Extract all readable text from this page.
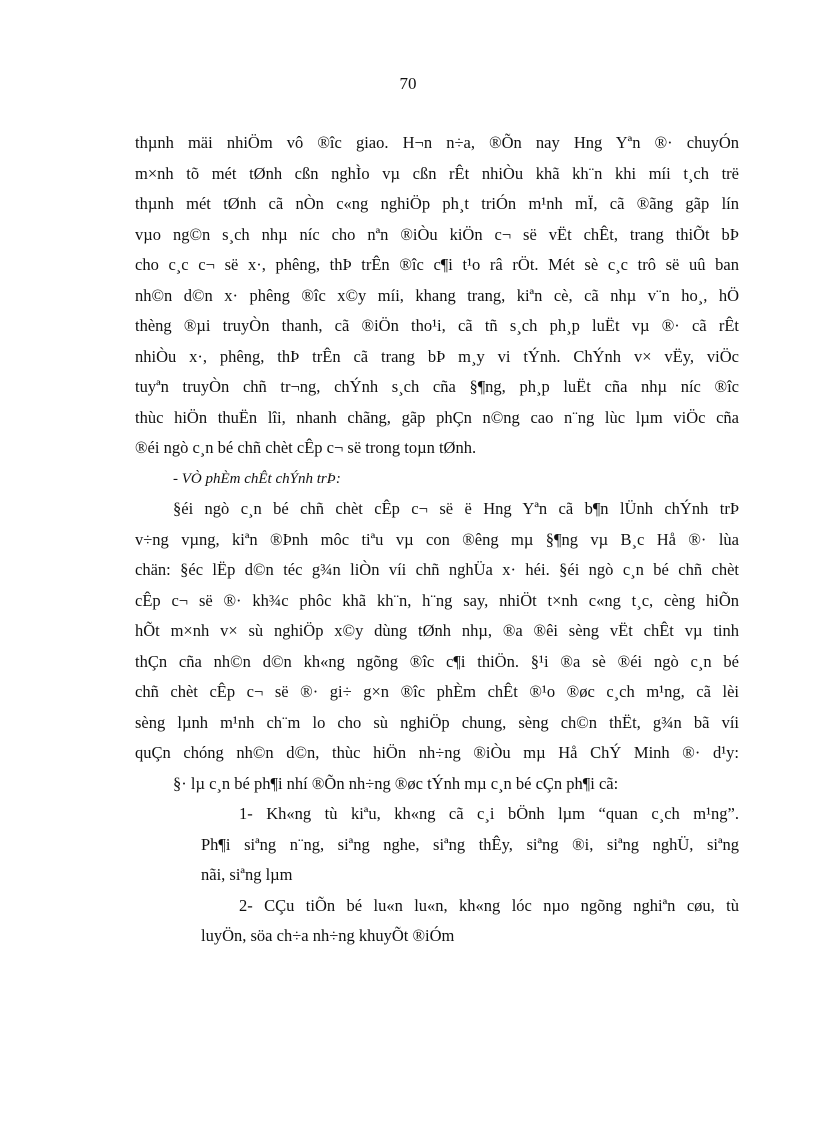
70
thµnh mäi nhiÖm vô ®îc giao. H¬n n÷a, ®Õn nay Hng Yªn ®· chuyÓn
m×nh tõ mét tØnh cßn nghÌo vµ cßn rÊt nhiÒu khã kh¨n khi míi t¸ch trë
thµnh mét tØnh cã nÒn c«ng nghiÖp ph¸t triÓn m¹nh mÏ, cã ®ãng gãp lín
vµo ng©n s¸ch nhµ níc cho nªn ®iÒu kiÖn c¬ së vËt chÊt, trang thiÕt bÞ
cho c¸c c¬ së x·, phêng, thÞ trÊn ®îc c¶i t¹o râ rÖt. Mét sè c¸c trô së uû ban
nh©n d©n x· phêng ®îc x©y míi, khang trang, kiªn cè, cã nhµ v¨n ho¸, hÖ
thèng ®µi truyÒn thanh, cã ®iÖn tho¹i, cã tñ s¸ch ph¸p luËt vµ ®· cã rÊt
nhiÒu x·, phêng, thÞ trÊn cã trang bÞ m¸y vi tÝnh. ChÝnh v× vËy, viÖc
tuyªn truyÒn chñ tr¬ng, chÝnh s¸ch cña §¶ng, ph¸p luËt cña nhµ níc ®îc
thùc hiÖn thuËn lîi, nhanh chãng, gãp phÇn n©ng cao n¨ng lùc lµm viÖc cña
®éi ngò c¸n bé chñ chèt cÊp c¬ së trong toµn tØnh.
- VÒ phÈm chÊt chÝnh trÞ:
§éi ngò c¸n bé chñ chèt cÊp c¬ së ë Hng Yªn cã b¶n lÜnh chÝnh trÞ
v÷ng vµng, kiªn ®Þnh môc tiªu vµ con ®êng mµ §¶ng vµ B¸c Hå ®· lùa
chän: §éc lËp d©n téc g¾n liÒn víi chñ nghÜa x· héi. §éi ngò c¸n bé chñ chèt
cÊp c¬ së ®· kh¾c phôc khã kh¨n, h¨ng say, nhiÖt t×nh c«ng t¸c, cèng hiÕn
hÕt m×nh v× sù nghiÖp x©y dùng tØnh nhµ, ®a ®êi sèng vËt chÊt vµ tinh
thÇn cña nh©n d©n kh«ng ngõng ®îc c¶i thiÖn. §¹i ®a sè ®éi ngò c¸n bé
chñ chèt cÊp c¬ së ®· gi÷ g×n ®îc phÈm chÊt ®¹o ®øc c¸ch m¹ng, cã lèi
sèng lµnh m¹nh ch¨m lo cho sù nghiÖp chung, sèng ch©n thËt, g¾n bã víi
quÇn chóng nh©n d©n, thùc hiÖn nh÷ng ®iÒu mµ Hå ChÝ Minh ®· d¹y:
§· lµ c¸n bé ph¶i nhí ®Õn nh÷ng ®øc tÝnh mµ c¸n bé cÇn ph¶i cã:
1- Kh«ng tù kiªu, kh«ng cã c¸i bÖnh lµm “quan c¸ch m¹ng”.
Ph¶i siªng n¨ng, siªng nghe, siªng thÊy, siªng ®i, siªng nghÜ, siªng
nãi, siªng lµm
2- CÇu tiÕn bé lu«n lu«n, kh«ng lóc nµo ngõng nghiªn cøu, tù
luyÖn, söa ch÷a nh÷ng khuyÕt ®iÓm
